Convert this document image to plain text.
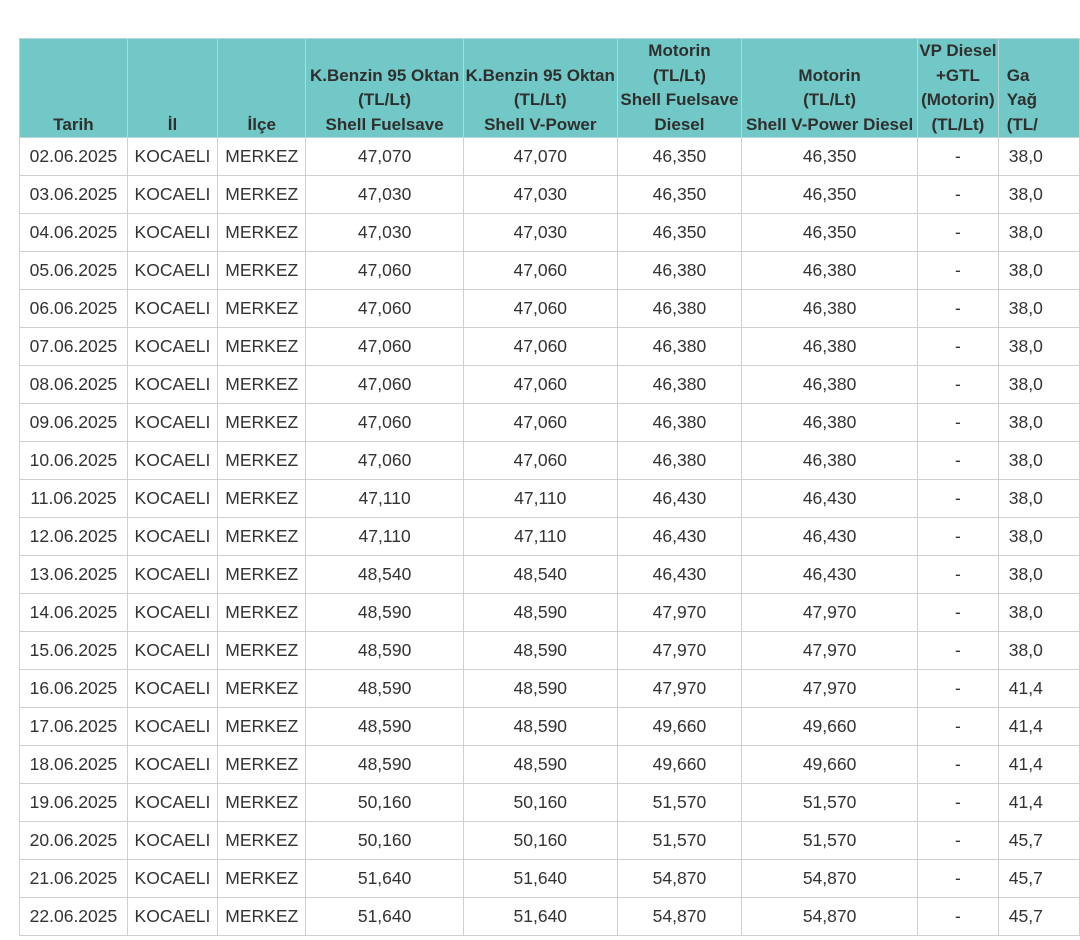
Tarih	İl	İlçe	K.Benzin 95 Oktan
(TL/Lt)
Shell Fuelsave	K.Benzin 95 Oktan
(TL/Lt)
Shell V-Power	Motorin
(TL/Lt)
Shell Fuelsave
Diesel	Motorin
(TL/Lt)
Shell V-Power Diesel	VP Diesel
+GTL
(Motorin)
(TL/Lt)	Ga
Yağ
(TL/

02.06.2025	KOCAELI	MERKEZ	47,070	47,070	46,350	46,350	-	38,0
03.06.2025	KOCAELI	MERKEZ	47,030	47,030	46,350	46,350	-	38,0
04.06.2025	KOCAELI	MERKEZ	47,030	47,030	46,350	46,350	-	38,0
05.06.2025	KOCAELI	MERKEZ	47,060	47,060	46,380	46,380	-	38,0
06.06.2025	KOCAELI	MERKEZ	47,060	47,060	46,380	46,380	-	38,0
07.06.2025	KOCAELI	MERKEZ	47,060	47,060	46,380	46,380	-	38,0
08.06.2025	KOCAELI	MERKEZ	47,060	47,060	46,380	46,380	-	38,0
09.06.2025	KOCAELI	MERKEZ	47,060	47,060	46,380	46,380	-	38,0
10.06.2025	KOCAELI	MERKEZ	47,060	47,060	46,380	46,380	-	38,0
11.06.2025	KOCAELI	MERKEZ	47,110	47,110	46,430	46,430	-	38,0
12.06.2025	KOCAELI	MERKEZ	47,110	47,110	46,430	46,430	-	38,0
13.06.2025	KOCAELI	MERKEZ	48,540	48,540	46,430	46,430	-	38,0
14.06.2025	KOCAELI	MERKEZ	48,590	48,590	47,970	47,970	-	38,0
15.06.2025	KOCAELI	MERKEZ	48,590	48,590	47,970	47,970	-	38,0
16.06.2025	KOCAELI	MERKEZ	48,590	48,590	47,970	47,970	-	41,4
17.06.2025	KOCAELI	MERKEZ	48,590	48,590	49,660	49,660	-	41,4
18.06.2025	KOCAELI	MERKEZ	48,590	48,590	49,660	49,660	-	41,4
19.06.2025	KOCAELI	MERKEZ	50,160	50,160	51,570	51,570	-	41,4
20.06.2025	KOCAELI	MERKEZ	50,160	50,160	51,570	51,570	-	45,7
21.06.2025	KOCAELI	MERKEZ	51,640	51,640	54,870	54,870	-	45,7
22.06.2025	KOCAELI	MERKEZ	51,640	51,640	54,870	54,870	-	45,7
